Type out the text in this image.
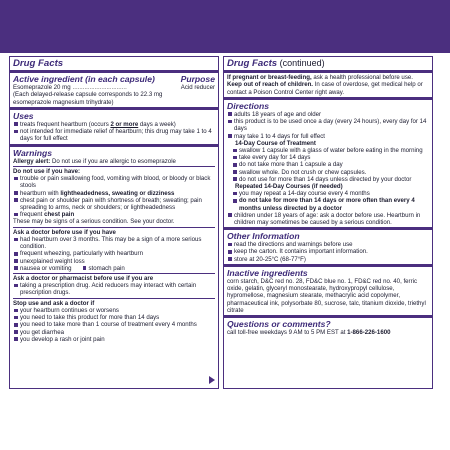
Drug Facts
Active ingredient (in each capsule)	Purpose
Esomeprazole 20 mg ................................	Acid reducer
(Each delayed-release capsule corresponds to 22.3 mg
esomeprazole magnesium trihydrate)
Uses
treats frequent heartburn (occurs 2 or more days a week)
not intended for immediate relief of heartburn; this drug may take 1 to 4 days for full effect
Warnings
Allergy alert: Do not use if you are allergic to esomeprazole
Do not use if you have:
trouble or pain swallowing food, vomiting with blood, or bloody or black stools
heartburn with lightheadedness, sweating or dizziness
chest pain or shoulder pain with shortness of breath; sweating; pain spreading to arms, neck or shoulders; or lightheadedness
frequent chest pain
These may be signs of a serious condition. See your doctor.
Ask a doctor before use if you have
had heartburn over 3 months. This may be a sign of a more serious condition.
frequent wheezing, particularly with heartburn
unexplained weight loss
nausea or vomiting	stomach pain
Ask a doctor or pharmacist before use if you are
taking a prescription drug. Acid reducers may interact with certain prescription drugs.
Stop use and ask a doctor if
your heartburn continues or worsens
you need to take this product for more than 14 days
you need to take more than 1 course of treatment every 4 months
you get diarrhea
you develop a rash or joint pain
Drug Facts (continued)
If pregnant or breast-feeding, ask a health professional before use.
Keep out of reach of children. In case of overdose, get medical help or contact a Poison Control Center right away.
Directions
adults 18 years of age and older
this product is to be used once a day (every 24 hours), every day for 14 days
may take 1 to 4 days for full effect
14-Day Course of Treatment
swallow 1 capsule with a glass of water before eating in the morning
take every day for 14 days
do not take more than 1 capsule a day
swallow whole. Do not crush or chew capsules.
do not use for more than 14 days unless directed by your doctor
Repeated 14-Day Courses (if needed)
you may repeat a 14-day course every 4 months
do not take for more than 14 days or more often than every 4 months unless directed by a doctor
children under 18 years of age: ask a doctor before use. Heartburn in children may sometimes be caused by a serious condition.
Other Information
read the directions and warnings before use
keep the carton. It contains important information.
store at 20-25°C (68-77°F)
Inactive ingredients
corn starch, D&C red no. 28, FD&C blue no. 1, FD&C red no. 40, ferric oxide, gelatin, glyceryl monostearate, hydroxypropyl cellulose, hypromellose, magnesium stearate, methacrylic acid copolymer, pharmaceutical ink, polysorbate 80, sucrose, talc, titanium dioxide, triethyl citrate
Questions or comments?
call toll-free weekdays 9 AM to 5 PM EST at 1-866-226-1600
